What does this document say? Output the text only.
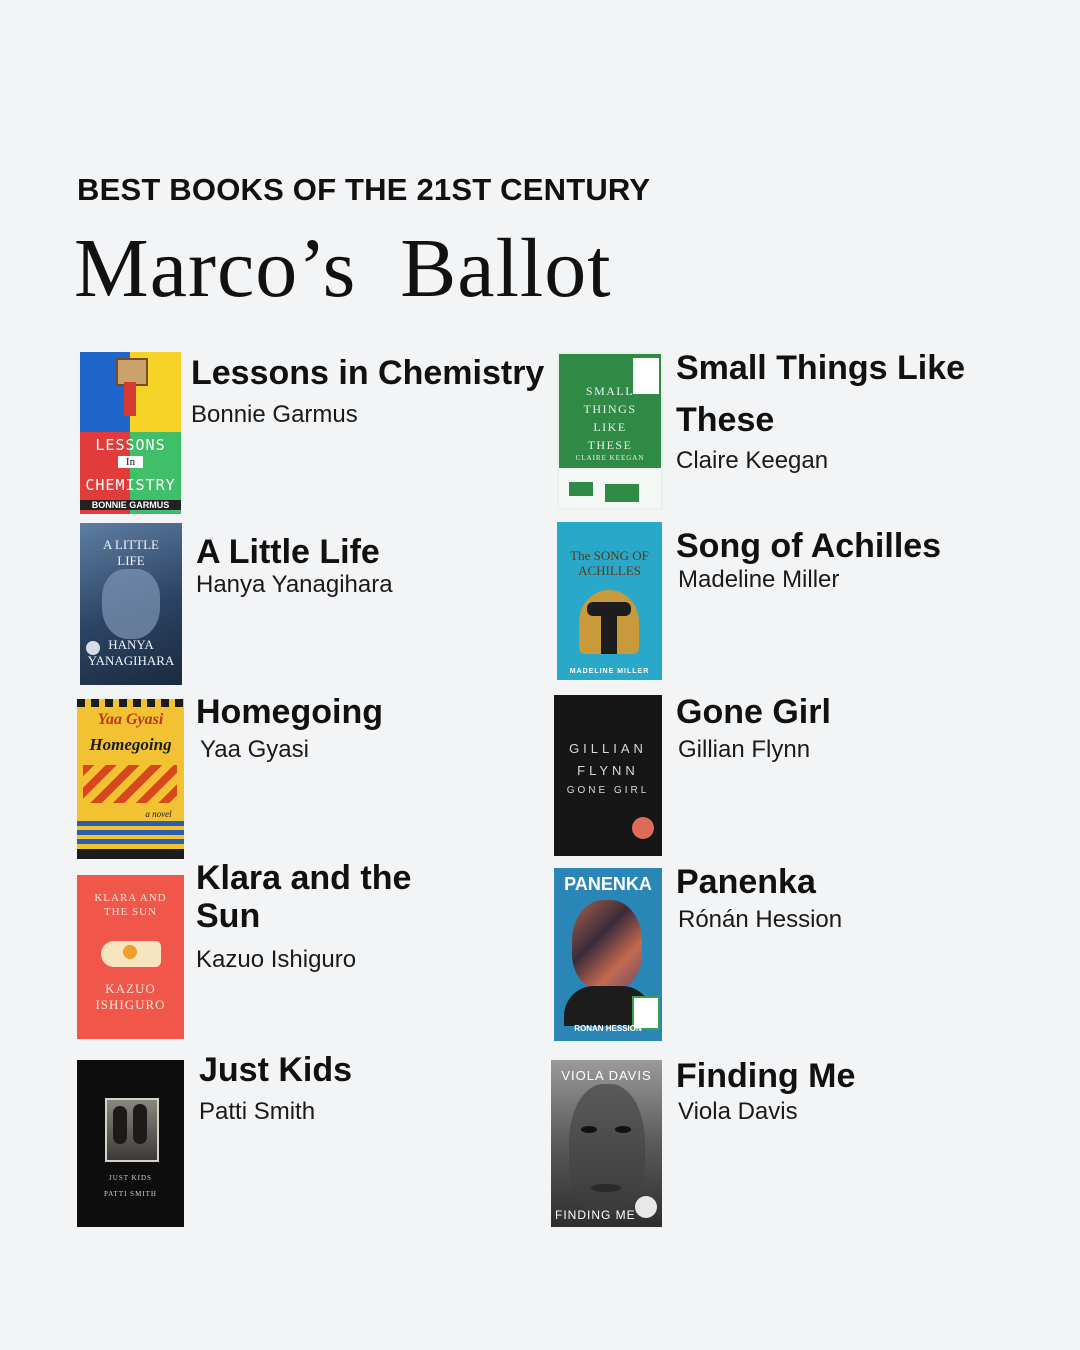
BEST BOOKS OF THE 21ST CENTURY
Marco’s  Ballot
LESSONS
In
CHEMISTRY
BONNIE GARMUS
Lessons in Chemistry
Bonnie Garmus
SMALL THINGS LIKE THESE
CLAIRE KEEGAN
Small Things Like These
Claire Keegan
A LITTLE LIFE
HANYA YANAGIHARA
A Little Life
Hanya Yanagihara
The SONG OF ACHILLES
MADELINE MILLER
Song of Achilles
Madeline Miller
Yaa Gyasi
Homegoing
a novel
Homegoing
Yaa Gyasi	GILLIAN
FLYNN
GONE GIRL
Gone Girl
Gillian Flynn
KLARA AND THE SUN
KAZUO ISHIGURO
Klara and the Sun
Kazuo Ishiguro
PANENKA
RONAN HESSION
Panenka
Rónán Hession
JUST KIDS
PATTI SMITH
Just Kids
Patti Smith
VIOLA DAVIS
FINDING ME
Finding Me
Viola Davis
